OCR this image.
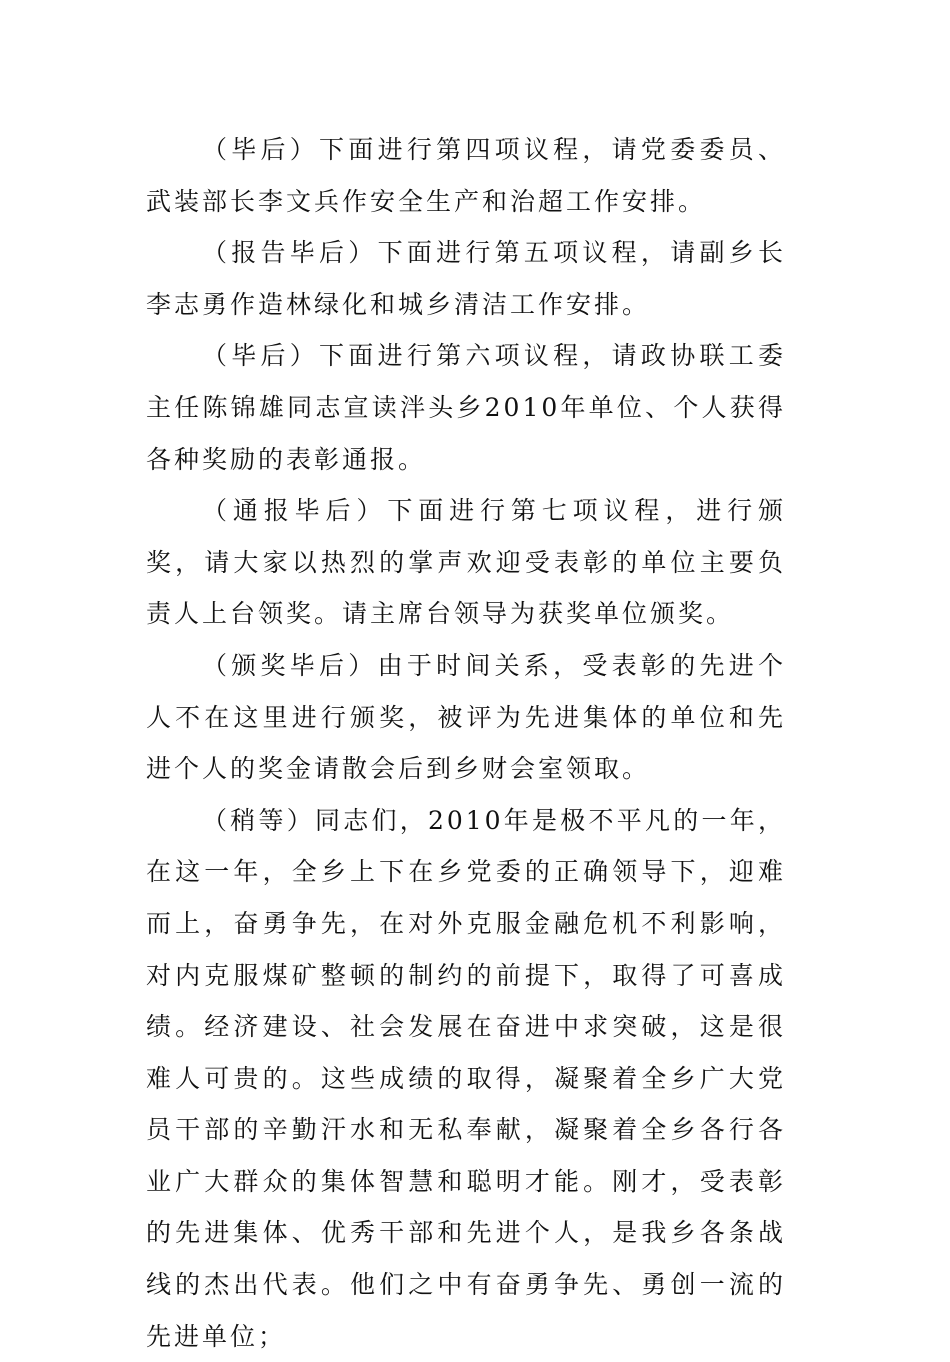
（毕后）下面进行第四项议程，请党委委员、武装部长李文兵作安全生产和治超工作安排。

（报告毕后）下面进行第五项议程，请副乡长李志勇作造林绿化和城乡清洁工作安排。

（毕后）下面进行第六项议程，请政协联工委主任陈锦雄同志宣读泮头乡2010年单位、个人获得各种奖励的表彰通报。

（通报毕后）下面进行第七项议程，进行颁奖，请大家以热烈的掌声欢迎受表彰的单位主要负责人上台领奖。请主席台领导为获奖单位颁奖。

（颁奖毕后）由于时间关系，受表彰的先进个人不在这里进行颁奖，被评为先进集体的单位和先进个人的奖金请散会后到乡财会室领取。

（稍等）同志们，2010年是极不平凡的一年，在这一年，全乡上下在乡党委的正确领导下，迎难而上，奋勇争先，在对外克服金融危机不利影响，对内克服煤矿整顿的制约的前提下，取得了可喜成绩。经济建设、社会发展在奋进中求突破，这是很难人可贵的。这些成绩的取得，凝聚着全乡广大党员干部的辛勤汗水和无私奉献，凝聚着全乡各行各业广大群众的集体智慧和聪明才能。刚才，受表彰的先进集体、优秀干部和先进个人，是我乡各条战线的杰出代表。他们之中有奋勇争先、勇创一流的先进单位；
